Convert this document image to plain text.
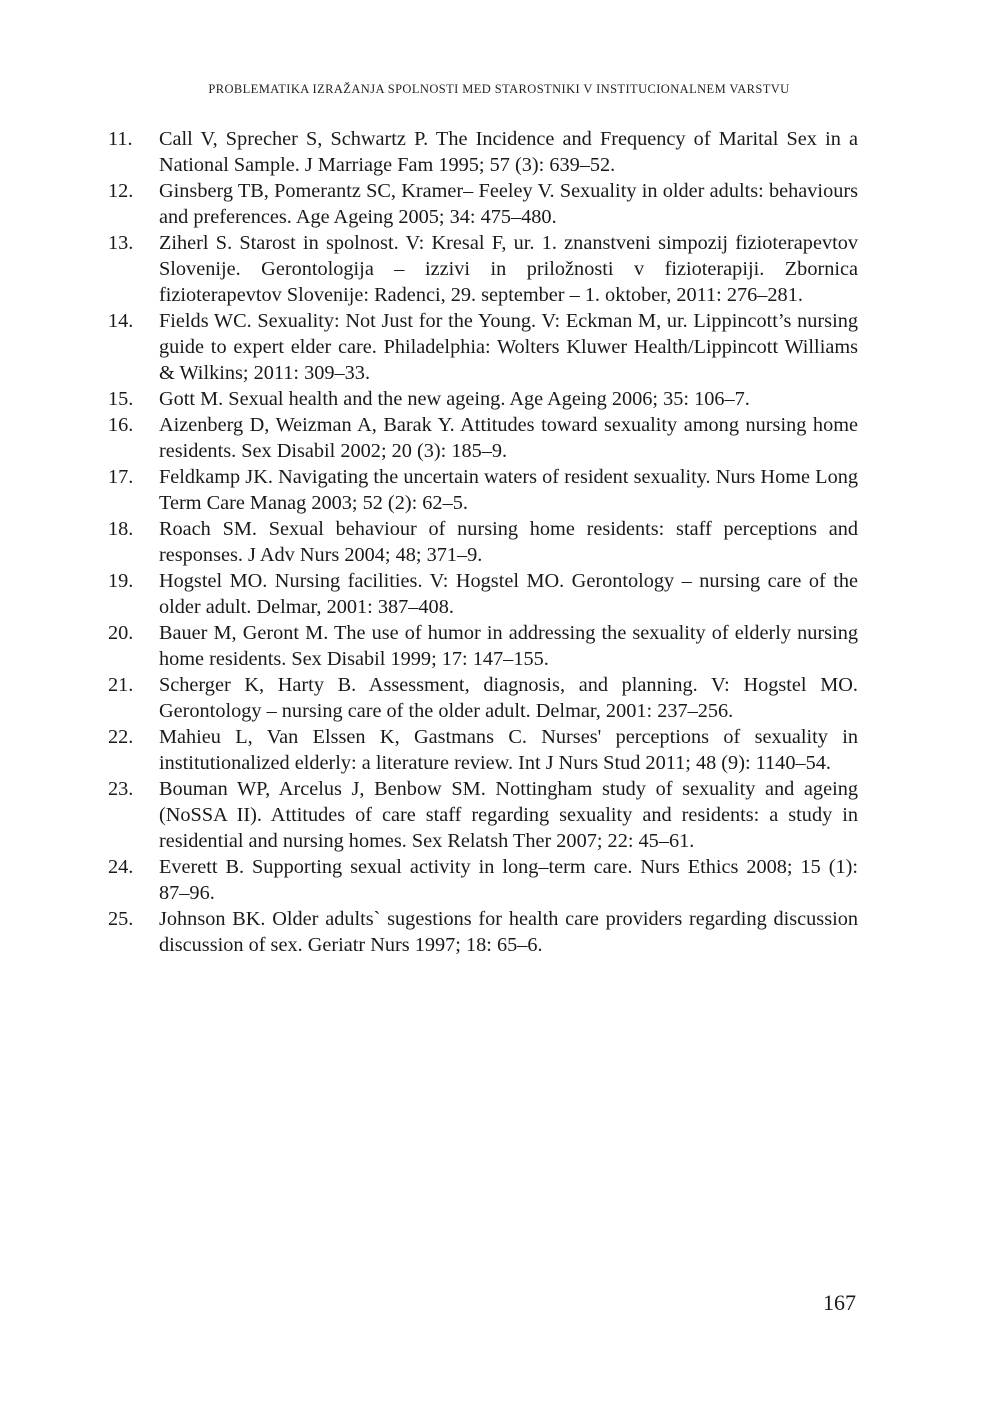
PROBLEMATIKA IZRAŽANJA SPOLNOSTI MED STAROSTNIKI V INSTITUCIONALNEM VARSTVU
11. Call V, Sprecher S, Schwartz P. The Incidence and Frequency of Marital Sex in a National Sample. J Marriage Fam 1995; 57 (3): 639–52.
12. Ginsberg TB, Pomerantz SC, Kramer– Feeley V. Sexuality in older adults: behaviours and preferences. Age Ageing 2005; 34: 475–480.
13. Ziherl S. Starost in spolnost. V: Kresal F, ur. 1. znanstveni simpozij fizioterapevtov Slovenije. Gerontologija – izzivi in priložnosti v fizioterapiji. Zbornica fizioterapevtov Slovenije: Radenci, 29. september – 1. oktober, 2011: 276–281.
14. Fields WC. Sexuality: Not Just for the Young. V: Eckman M, ur. Lippincott’s nursing guide to expert elder care. Philadelphia: Wolters Kluwer Health/Lippincott Williams & Wilkins; 2011: 309–33.
15. Gott M. Sexual health and the new ageing. Age Ageing 2006; 35: 106–7.
16. Aizenberg D, Weizman A, Barak Y. Attitudes toward sexuality among nursing home residents. Sex Disabil 2002; 20 (3): 185–9.
17. Feldkamp JK. Navigating the uncertain waters of resident sexuality. Nurs Home Long Term Care Manag 2003; 52 (2): 62–5.
18. Roach SM. Sexual behaviour of nursing home residents: staff perceptions and responses. J Adv Nurs 2004; 48; 371–9.
19. Hogstel MO. Nursing facilities. V: Hogstel MO. Gerontology – nursing care of the older adult. Delmar, 2001: 387–408.
20. Bauer M, Geront M. The use of humor in addressing the sexuality of elderly nursing home residents. Sex Disabil 1999; 17: 147–155.
21. Scherger K, Harty B. Assessment, diagnosis, and planning. V: Hogstel MO. Gerontology – nursing care of the older adult. Delmar, 2001: 237–256.
22. Mahieu L, Van Elssen K, Gastmans C. Nurses' perceptions of sexuality in institutionalized elderly: a literature review. Int J Nurs Stud 2011; 48 (9): 1140–54.
23. Bouman WP, Arcelus J, Benbow SM. Nottingham study of sexuality and ageing (NoSSA II). Attitudes of care staff regarding sexuality and residents: a study in residential and nursing homes. Sex Relatsh Ther 2007; 22: 45–61.
24. Everett B. Supporting sexual activity in long–term care. Nurs Ethics 2008; 15 (1): 87–96.
25. Johnson BK. Older adults` sugestions for health care providers regarding discussion discussion of sex. Geriatr Nurs 1997; 18: 65–6.
167
